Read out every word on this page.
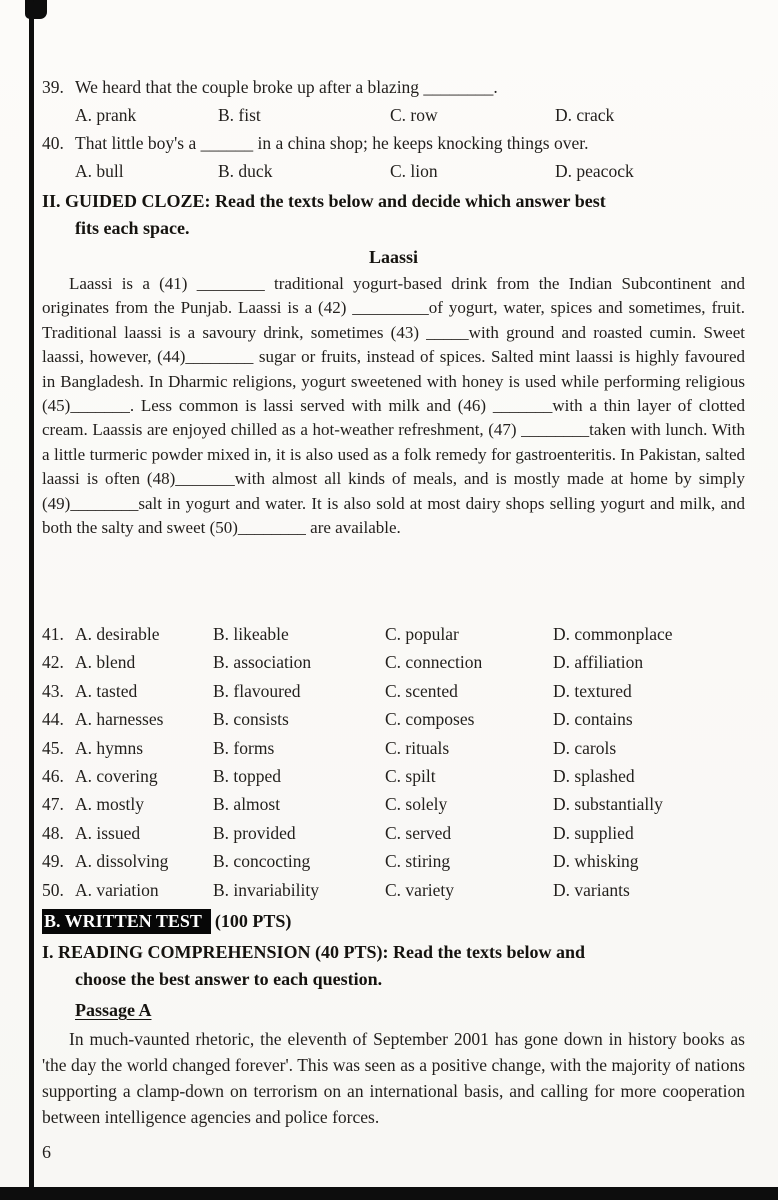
39. We heard that the couple broke up after a blazing ________.
A. prank	B. fist	C. row	D. crack
40. That little boy's a ______ in a china shop; he keeps knocking things over.
A. bull	B. duck	C. lion	D. peacock
II. GUIDED CLOZE: Read the texts below and decide which answer best
fits each space.
Laassi
Laassi is a (41) ________ traditional yogurt-based drink from the Indian Subcontinent and originates from the Punjab. Laassi is a (42) _________of yogurt, water, spices and sometimes, fruit. Traditional laassi is a savoury drink, sometimes (43) _____with ground and roasted cumin. Sweet laassi, however, (44)________ sugar or fruits, instead of spices. Salted mint laassi is highly favoured in Bangladesh. In Dharmic religions, yogurt sweetened with honey is used while performing religious (45)_______. Less common is lassi served with milk and (46) _______with a thin layer of clotted cream. Laassis are enjoyed chilled as a hot-weather refreshment, (47) ________taken with lunch. With a little turmeric powder mixed in, it is also used as a folk remedy for gastroenteritis. In Pakistan, salted laassi is often (48)_______with almost all kinds of meals, and is mostly made at home by simply (49)________salt in yogurt and water. It is also sold at most dairy shops selling yogurt and milk, and both the salty and sweet (50)________ are available.
41. A. desirable	B. likeable	C. popular	D. commonplace
42. A. blend	B. association	C. connection	D. affiliation
43. A. tasted	B. flavoured	C. scented	D. textured
44. A. harnesses	B. consists	C. composes	D. contains
45. A. hymns	B. forms	C. rituals	D. carols
46. A. covering	B. topped	C. spilt	D. splashed
47. A. mostly	B. almost	C. solely	D. substantially
48. A. issued	B. provided	C. served	D. supplied
49. A. dissolving	B. concocting	C. stiring	D. whisking
50. A. variation	B. invariability	C. variety	D. variants
B. WRITTEN TEST (100 PTS)
I. READING COMPREHENSION (40 PTS): Read the texts below and
choose the best answer to each question.
Passage A
In much-vaunted rhetoric, the eleventh of September 2001 has gone down in history books as 'the day the world changed forever'. This was seen as a positive change, with the majority of nations supporting a clamp-down on terrorism on an international basis, and calling for more cooperation between intelligence agencies and police forces.
6
